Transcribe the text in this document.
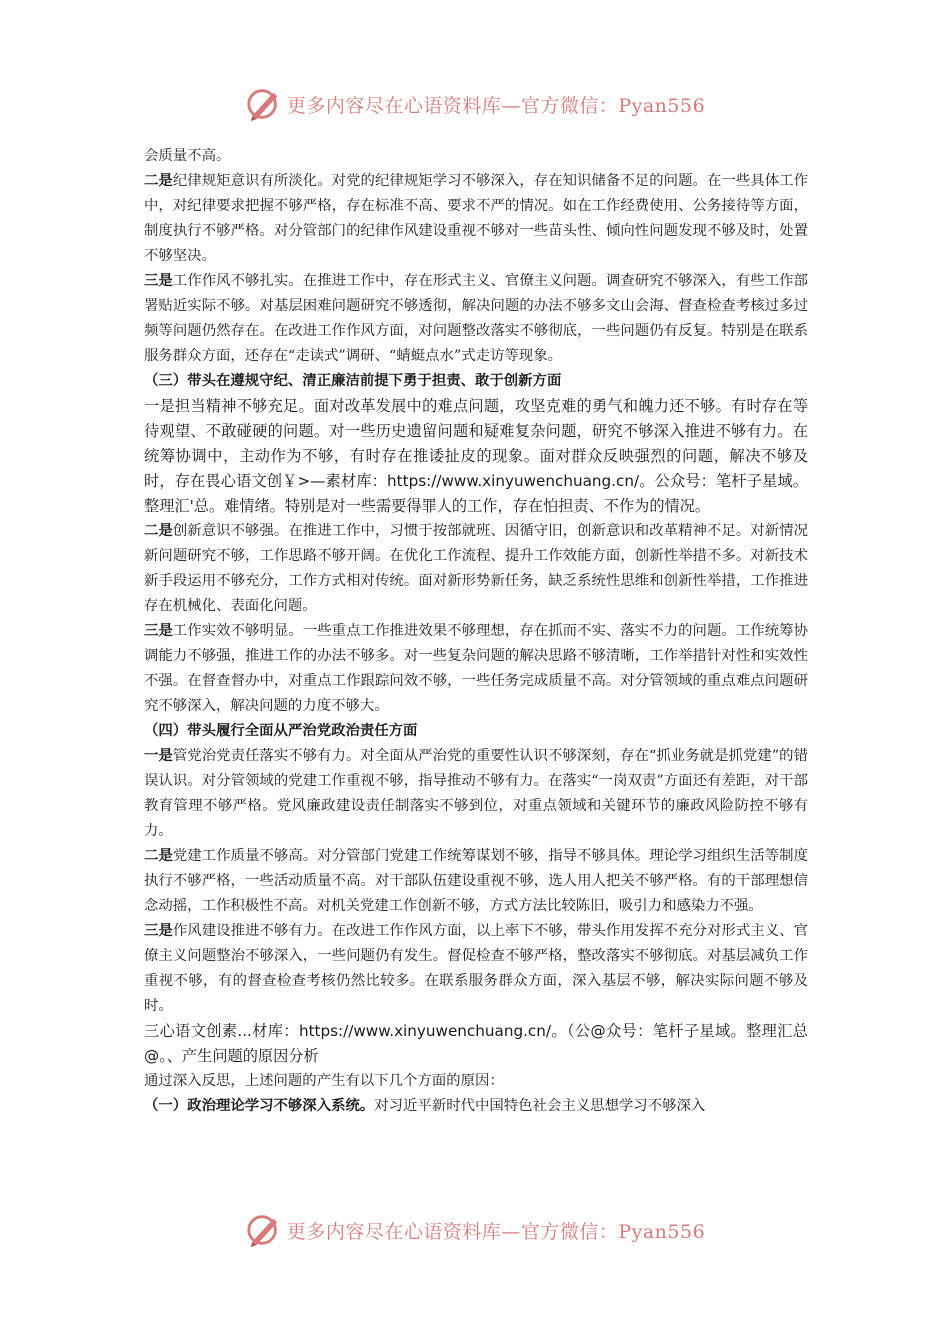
更多内容尽在心语资料库—官方微信：Pyan556

会质量不高。

二是纪律规矩意识有所淡化。对党的纪律规矩学习不够深入，存在知识储备不足的问题。在一些具体工作中，对纪律要求把握不够严格，存在标准不高、要求不严的情况。如在工作经费使用、公务接待等方面，制度执行不够严格。对分管部门的纪律作风建设重视不够对一些苗头性、倾向性问题发现不够及时，处置不够坚决。

三是工作作风不够扎实。在推进工作中，存在形式主义、官僚主义问题。调查研究不够深入，有些工作部署贴近实际不够。对基层困难问题研究不够透彻，解决问题的办法不够多文山会海、督查检查考核过多过频等问题仍然存在。在改进工作作风方面，对问题整改落实不够彻底，一些问题仍有反复。特别是在联系服务群众方面，还存在“走读式”调研、“蜻蜓点水”式走访等现象。

（三）带头在遵规守纪、清正廉洁前提下勇于担责、敢于创新方面

一是担当精神不够充足。面对改革发展中的难点问题，攻坚克难的勇气和魄力还不够。有时存在等待观望、不敢碰硬的问题。对一些历史遗留问题和疑难复杂问题，研究不够深入推进不够有力。在统筹协调中，主动作为不够，有时存在推诿扯皮的现象。面对群众反映强烈的问题，解决不够及时，存在畏心语文创￥>—素材库：https://www.xinyuwenchuang.cn/。公众号：笔杆子星域。整理汇'总。难情绪。特别是对一些需要得罪人的工作，存在怕担责、不作为的情况。

二是创新意识不够强。在推进工作中，习惯于按部就班、因循守旧，创新意识和改革精神不足。对新情况新问题研究不够，工作思路不够开阔。在优化工作流程、提升工作效能方面，创新性举措不多。对新技术新手段运用不够充分，工作方式相对传统。面对新形势新任务，缺乏系统性思维和创新性举措，工作推进存在机械化、表面化问题。

三是工作实效不够明显。一些重点工作推进效果不够理想，存在抓而不实、落实不力的问题。工作统筹协调能力不够强，推进工作的办法不够多。对一些复杂问题的解决思路不够清晰，工作举措针对性和实效性不强。在督查督办中，对重点工作跟踪问效不够，一些任务完成质量不高。对分管领域的重点难点问题研究不够深入，解决问题的力度不够大。

（四）带头履行全面从严治党政治责任方面

一是管党治党责任落实不够有力。对全面从严治党的重要性认识不够深刻，存在“抓业务就是抓党建”的错误认识。对分管领域的党建工作重视不够，指导推动不够有力。在落实“一岗双责”方面还有差距，对干部教育管理不够严格。党风廉政建设责任制落实不够到位，对重点领域和关键环节的廉政风险防控不够有力。

二是党建工作质量不够高。对分管部门党建工作统筹谋划不够，指导不够具体。理论学习组织生活等制度执行不够严格，一些活动质量不高。对干部队伍建设重视不够，选人用人把关不够严格。有的干部理想信念动摇，工作积极性不高。对机关党建工作创新不够，方式方法比较陈旧，吸引力和感染力不强。

三是作风建设推进不够有力。在改进工作作风方面，以上率下不够，带头作用发挥不充分对形式主义、官僚主义问题整治不够深入，一些问题仍有发生。督促检查不够严格，整改落实不够彻底。对基层减负工作重视不够，有的督查检查考核仍然比较多。在联系服务群众方面，深入基层不够，解决实际问题不够及时。

三心语文创素...材库：https://www.xinyuwenchuang.cn/。（公@众号：笔杆子星域。整理汇总@。、产生问题的原因分析

通过深入反思，上述问题的产生有以下几个方面的原因：

（一）政治理论学习不够深入系统。对习近平新时代中国特色社会主义思想学习不够深入

更多内容尽在心语资料库—官方微信：Pyan556
